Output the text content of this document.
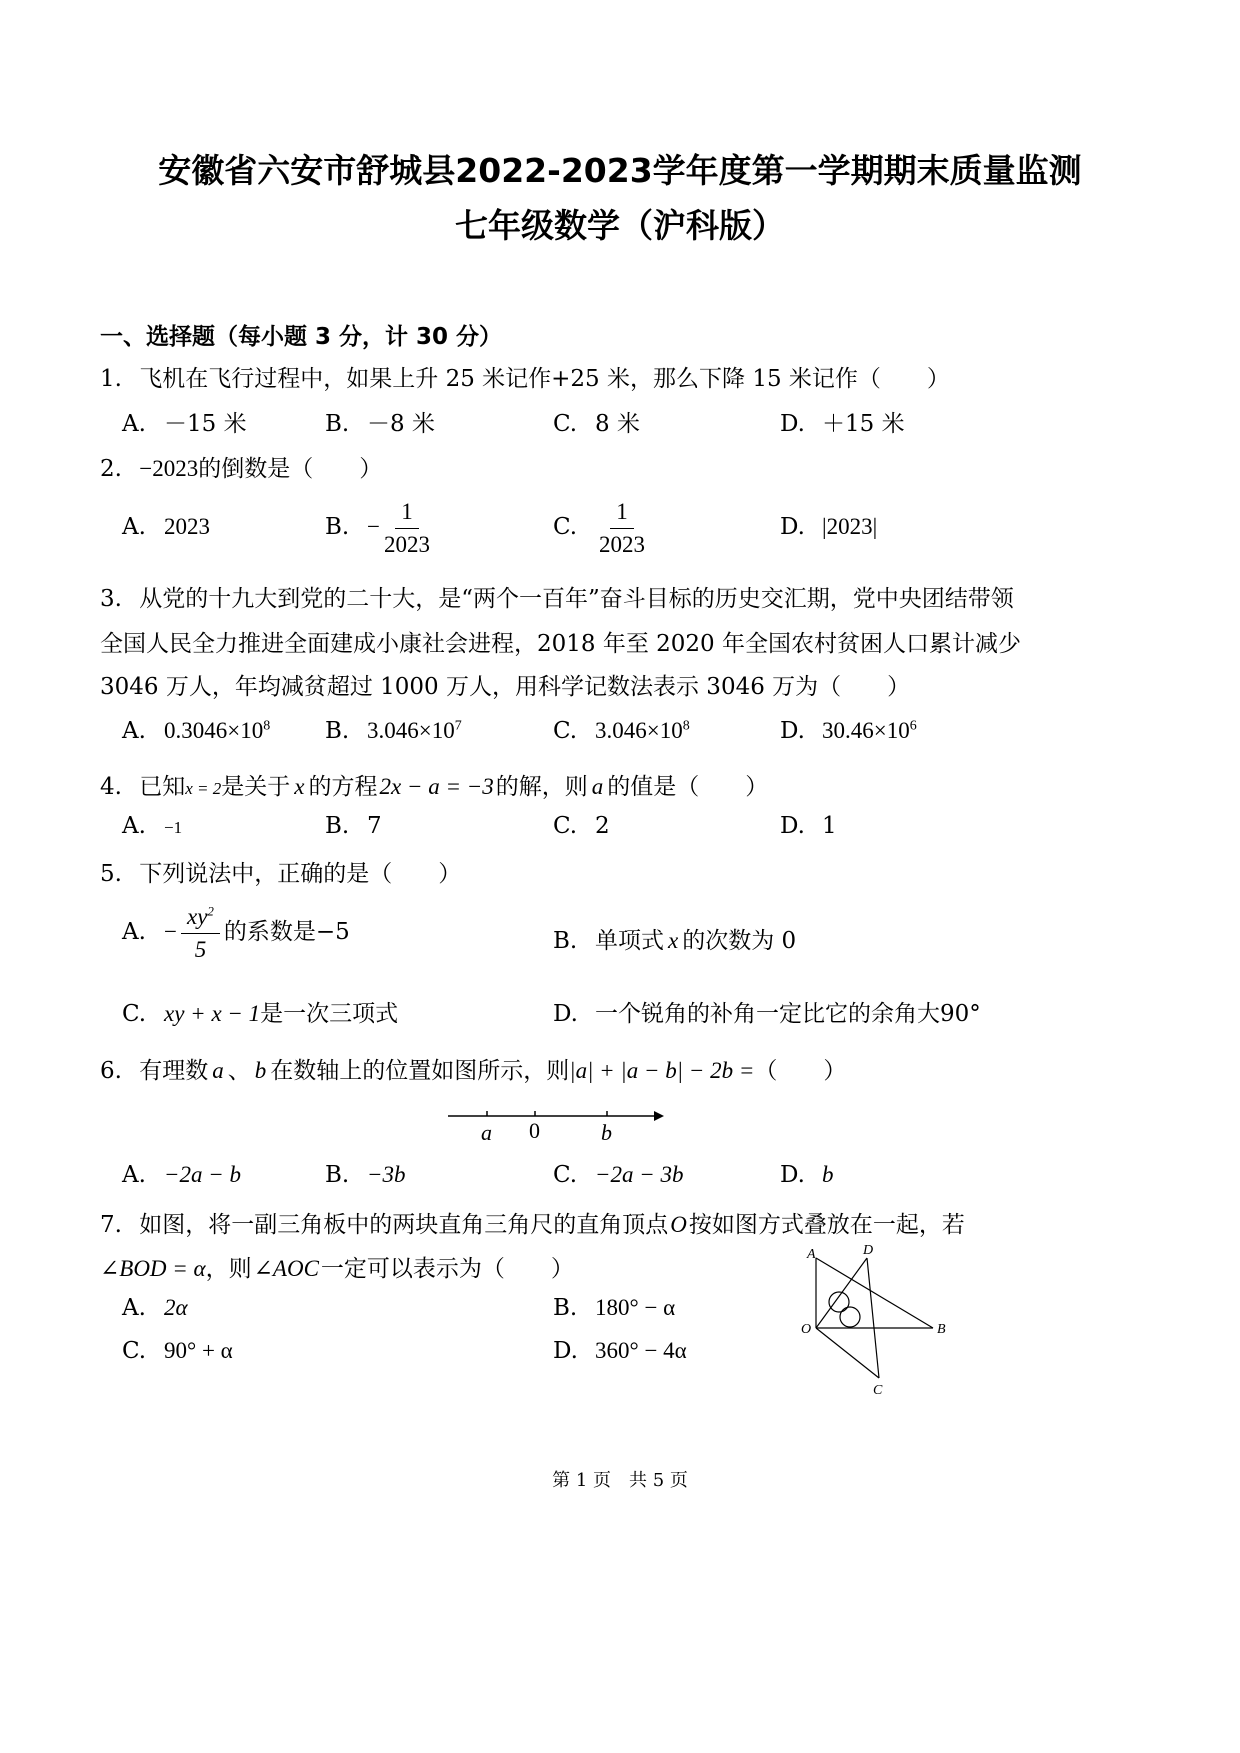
安徽省六安市舒城县2022-2023学年度第一学期期末质量监测
七年级数学（沪科版）
一、选择题（每小题 3 分，计 30 分）
1. 飞机在飞行过程中，如果上升 25 米记作+25 米，那么下降 15 米记作（　　）
A. －15 米	B. －8 米	C. 8 米	D. ＋15 米
2. −2023的倒数是（　　）
A. 2023	B. − $\frac{1}{2023}$	C. $\frac{1}{2023}$	D. |2023|
3. 从党的十九大到党的二十大，是“两个一百年”奋斗目标的历史交汇期，党中央团结带领
全国人民全力推进全面建成小康社会进程，2018 年至 2020 年全国农村贫困人口累计减少
3046 万人，年均减贫超过 1000 万人，用科学记数法表示 3046 万为（　　）
A. $0.3046\times 10^8$ B. $3.046\times 10^7$	C. $3.046\times 10^8$	D. $30.46\times 10^6$
4. 已知x = 2是关于 x 的方程2x − a = −3的解，则 a 的值是（　　）
A. −1	B. 7	C. 2	D. 1
5. 下列说法中，正确的是（　　）
A. − $\frac{xy^2}{5}$ 的系数是−5	B. 单项式 x 的次数为 0
C. xy + x − 1是一次三项式	D. 一个锐角的补角一定比它的余角大90°
6. 有理数 a 、 b 在数轴上的位置如图所示，则|a| + |a − b| − 2b =（　　）
a 0	b
A. −2a − b	B. −3b	C. −2a − 3b	D. b
7. 如图，将一副三角板中的两块直角三角尺的直角顶点O按如图方式叠放在一起，若
∠BOD = α，则∠AOC一定可以表示为（　　）
A. 2α	B. 180° − α
C. 90° + α	D. 360° − 4α
A	D
O	B
C
第 1 页　共 5 页
